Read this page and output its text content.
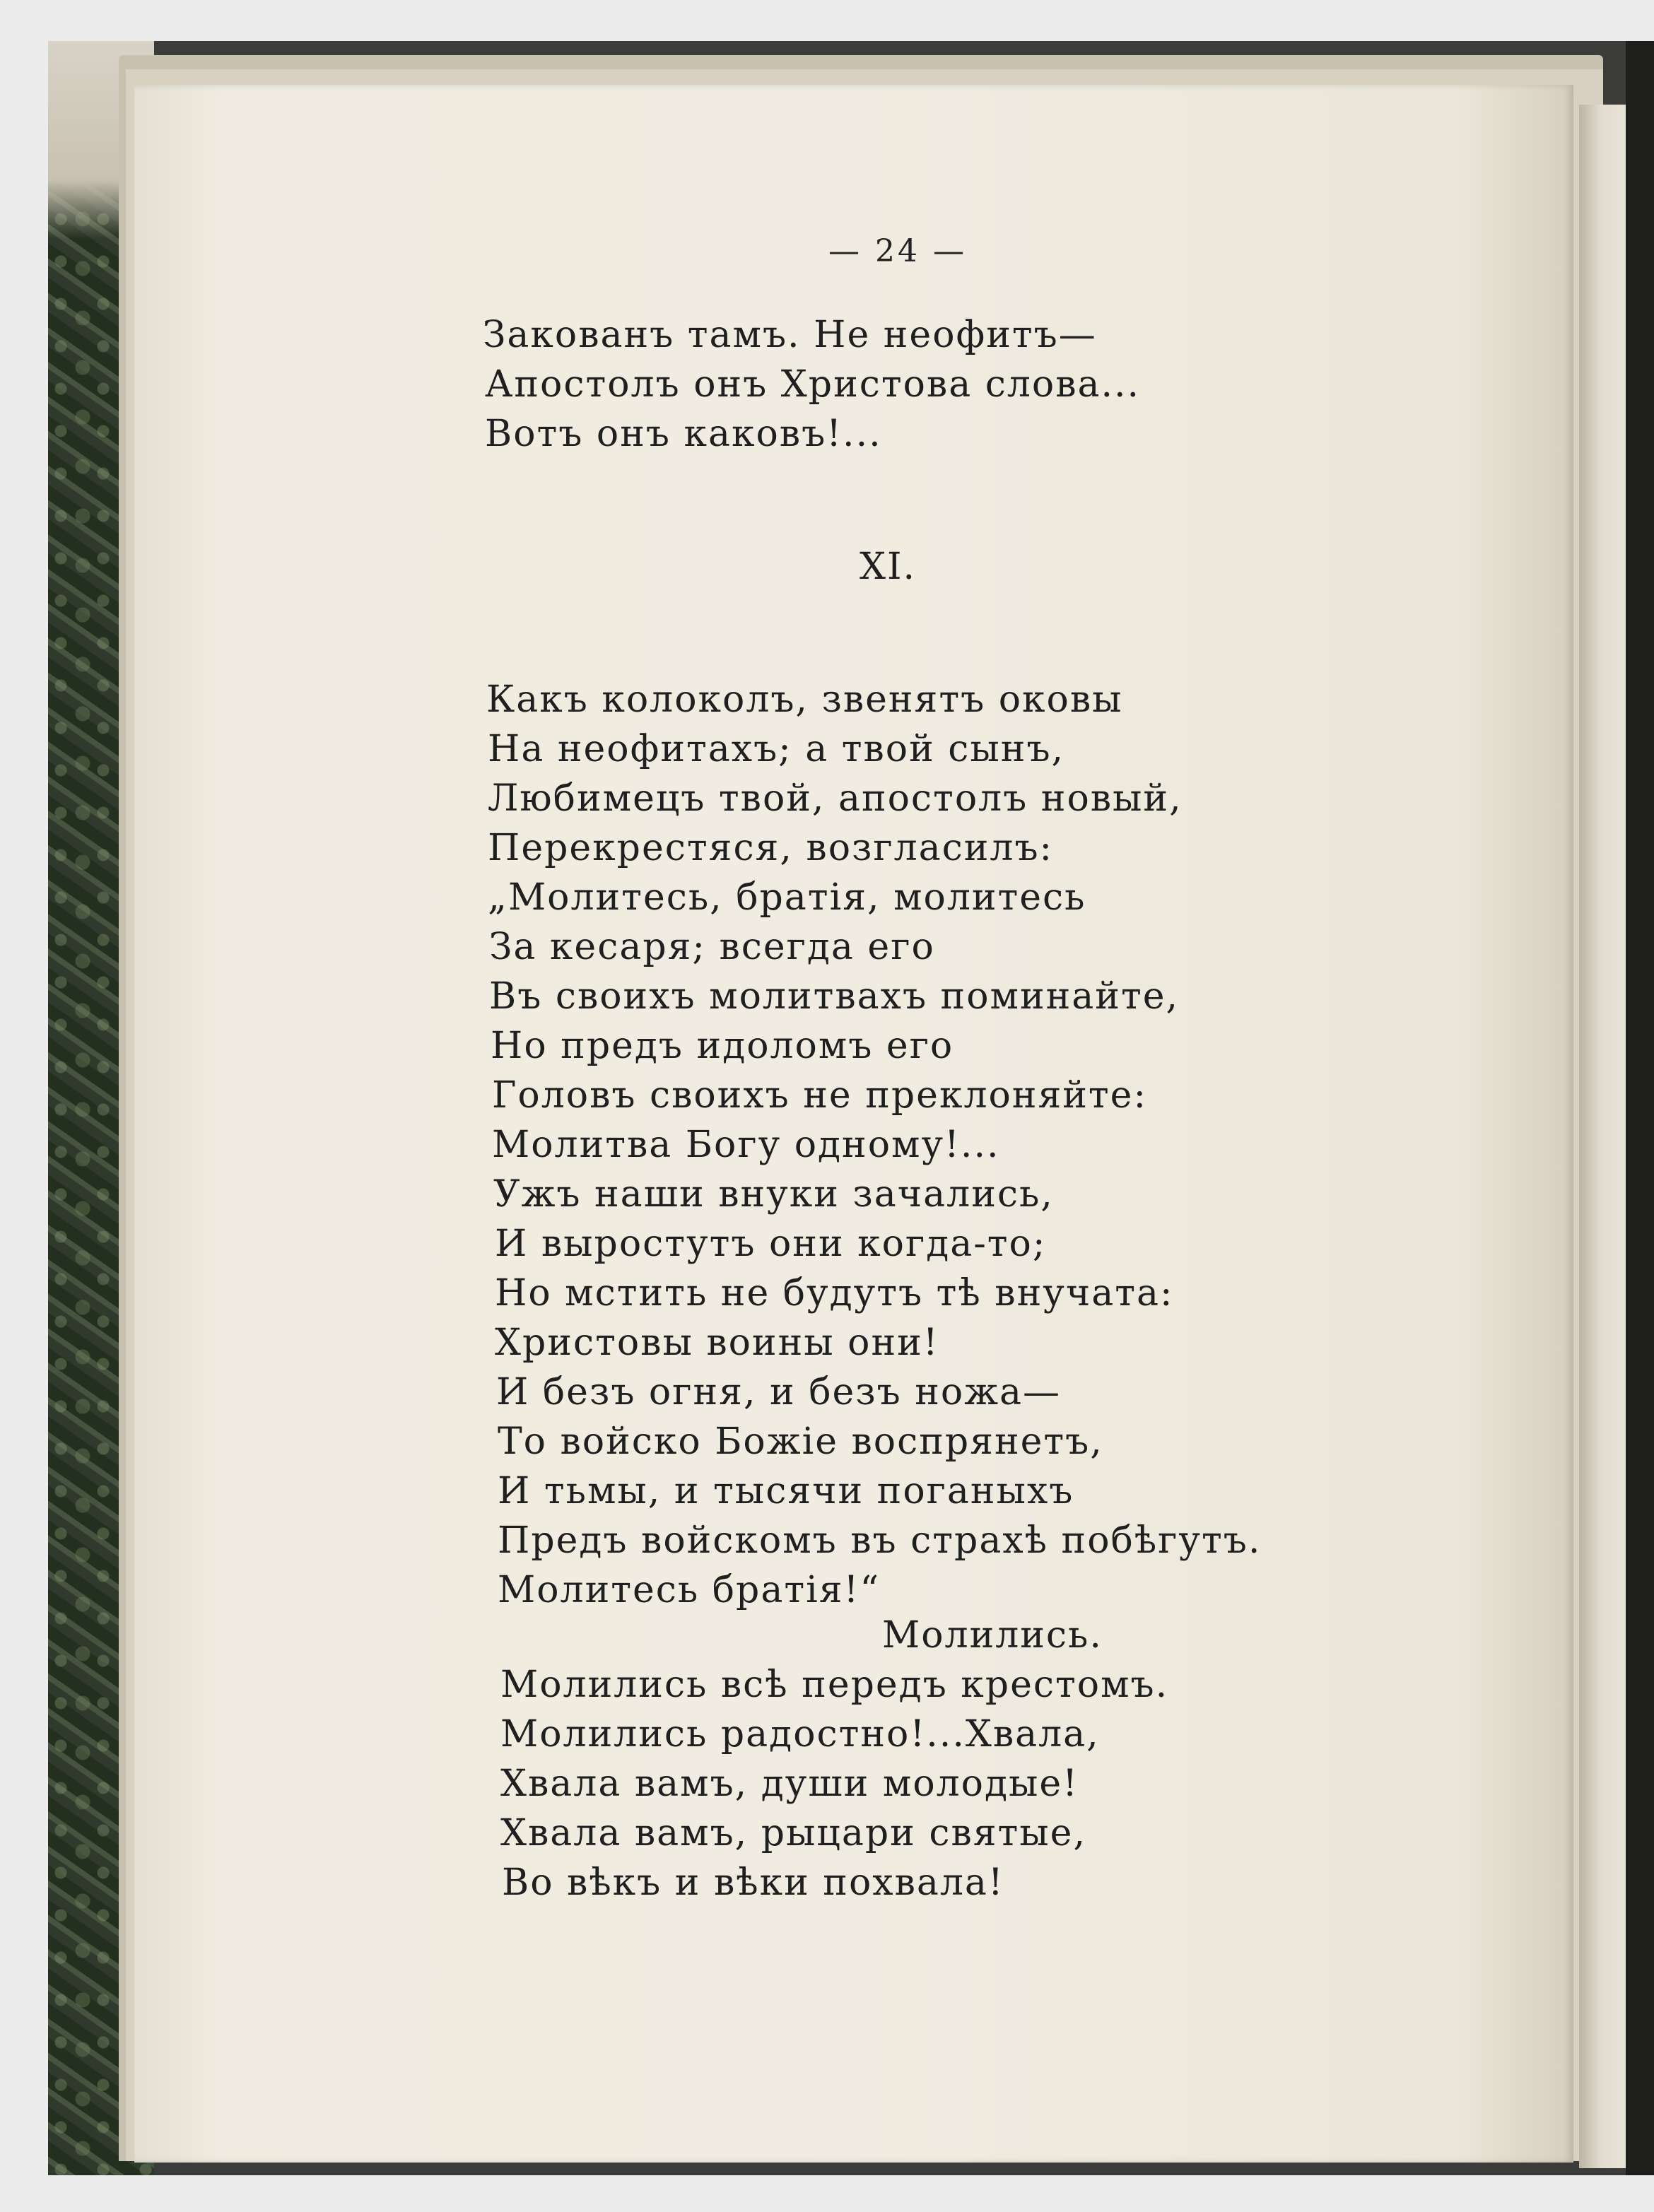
— 24 —
Закованъ тамъ. Не неофитъ—
Апостолъ онъ Христова слова...
Вотъ онъ каковъ!...
XI.
Какъ колоколъ, звенятъ оковы
На неофитахъ; а твой сынъ,
Любимецъ твой, апостолъ новый,
Перекрестяся, возгласилъ:
„Молитесь, братія, молитесь
За кесаря; всегда его
Въ своихъ молитвахъ поминайте,
Но предъ идоломъ его
Головъ своихъ не преклоняйте:
Молитва Богу одному!...
Ужъ наши внуки зачались,
И выростутъ они когда-то;
Но мстить не будутъ тѣ внучата:
Христовы воины они!
И безъ огня, и безъ ножа—
То войско Божіе воспрянетъ,
И тьмы, и тысячи поганыхъ
Предъ войскомъ въ страхѣ побѣгутъ.
Молитесь братія!“
Молились.
Молились всѣ передъ крестомъ.
Молились радостно!...Хвала,
Хвала вамъ, души молодые!
Хвала вамъ, рыцари святые,
Во вѣкъ и вѣки похвала!
